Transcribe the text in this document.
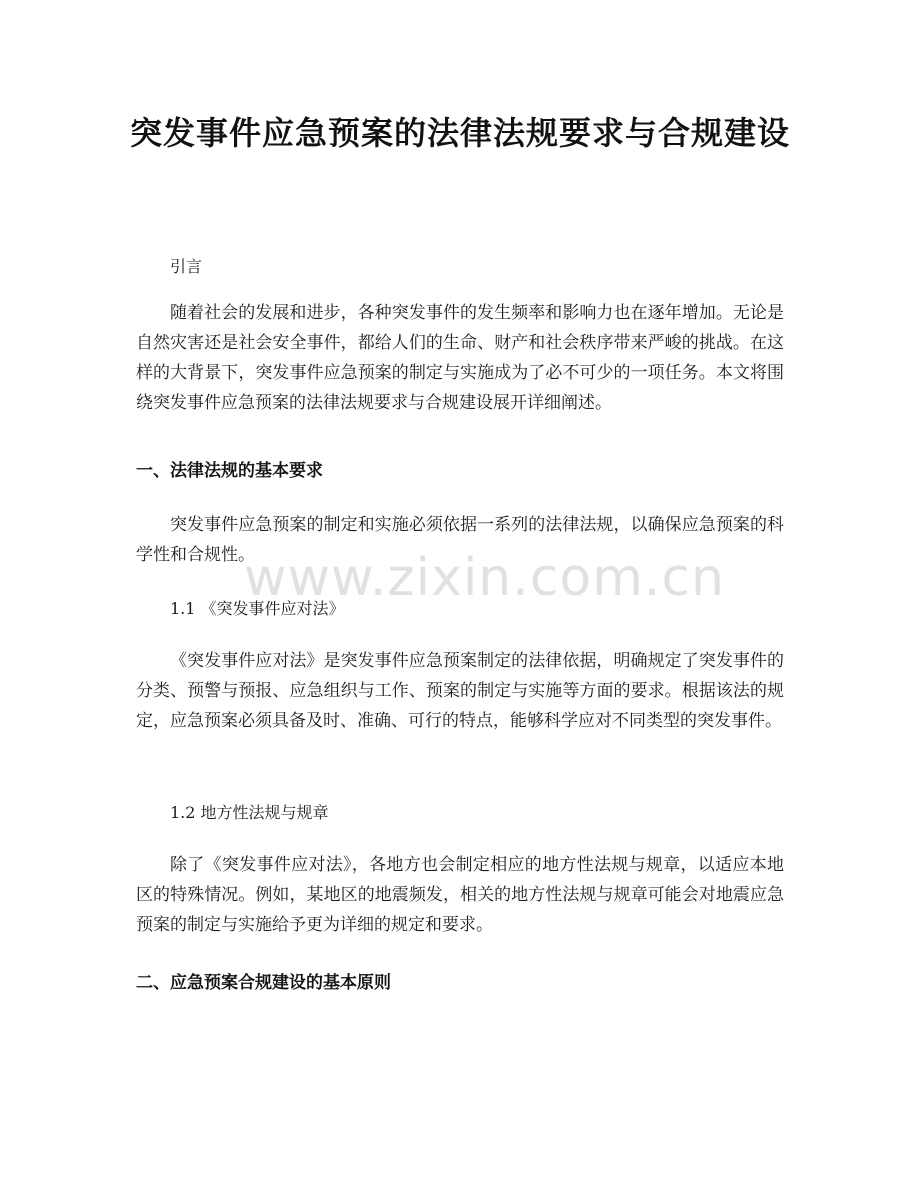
突发事件应急预案的法律法规要求与合规建设

引言

随着社会的发展和进步，各种突发事件的发生频率和影响力也在逐年增加。无论是自然灾害还是社会安全事件，都给人们的生命、财产和社会秩序带来严峻的挑战。在这样的大背景下，突发事件应急预案的制定与实施成为了必不可少的一项任务。本文将围绕突发事件应急预案的法律法规要求与合规建设展开详细阐述。

一、法律法规的基本要求

突发事件应急预案的制定和实施必须依据一系列的法律法规，以确保应急预案的科学性和合规性。

www.zixin.com.cn

1.1 《突发事件应对法》

《突发事件应对法》是突发事件应急预案制定的法律依据，明确规定了突发事件的分类、预警与预报、应急组织与工作、预案的制定与实施等方面的要求。根据该法的规定，应急预案必须具备及时、准确、可行的特点，能够科学应对不同类型的突发事件。

1.2 地方性法规与规章

除了《突发事件应对法》，各地方也会制定相应的地方性法规与规章，以适应本地区的特殊情况。例如，某地区的地震频发，相关的地方性法规与规章可能会对地震应急预案的制定与实施给予更为详细的规定和要求。

二、应急预案合规建设的基本原则
